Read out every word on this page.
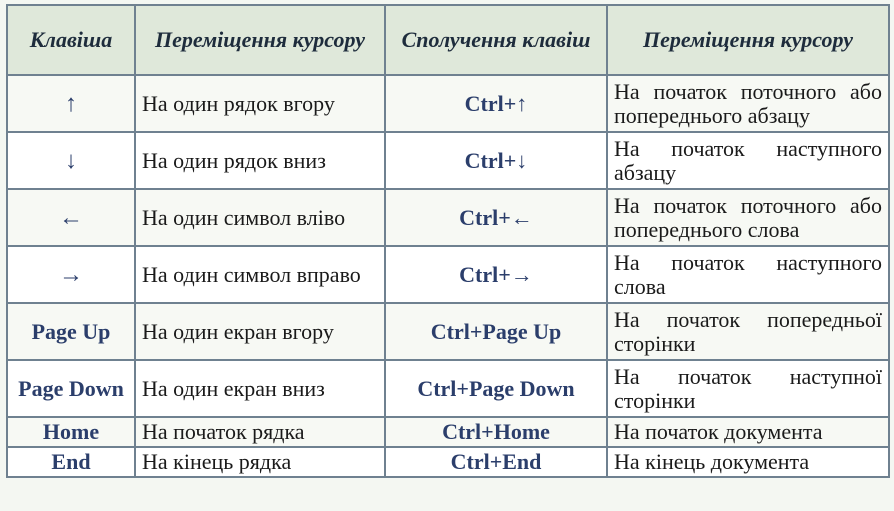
Клавіша	Переміщення курсору	Сполучення клавіш	Переміщення курсору
↑	На один рядок вгору	Ctrl+↑	На початок поточного або попереднього абзацу
↓	На один рядок вниз	Ctrl+↓	На початок наступного абзацу
←	На один символ вліво	Ctrl+←	На початок поточного або попереднього слова
→	На один символ вправо	Ctrl+→	На початок наступного слова
Page Up	На один екран вгору	Ctrl+Page Up	На початок попередньої сторінки
Page Down	На один екран вниз	Ctrl+Page Down	На початок наступної сторінки
Home	На початок рядка	Ctrl+Home	На початок документа
End	На кінець рядка	Ctrl+End	На кінець документа
